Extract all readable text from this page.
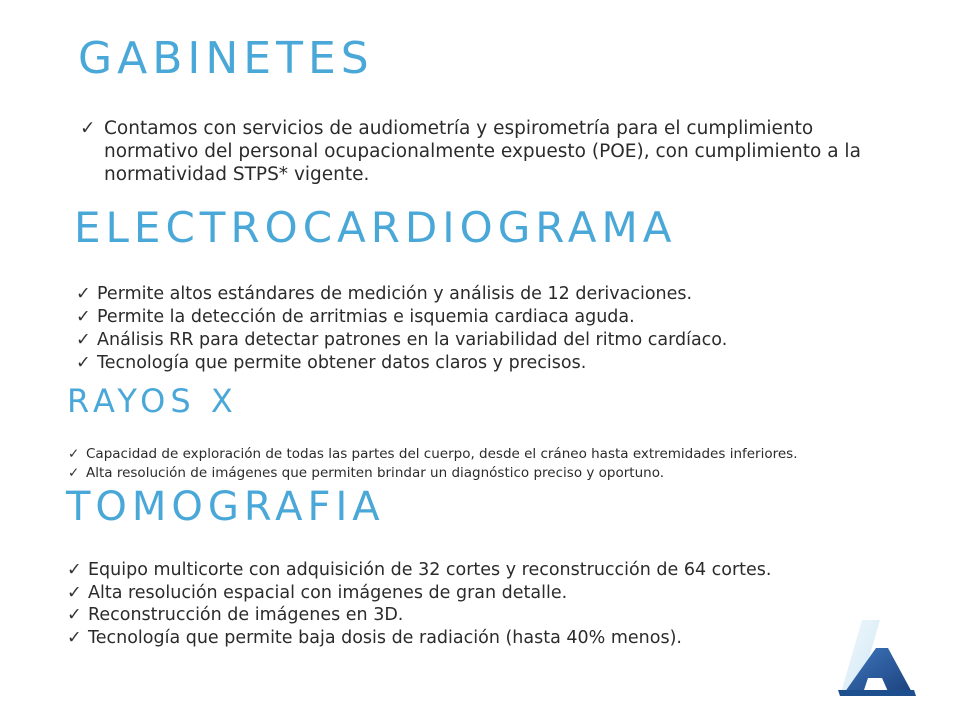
GABINETES
✓ Contamos con servicios de audiometría y espirometría para el cumplimiento normativo del personal ocupacionalmente expuesto (POE), con cumplimiento a la normatividad STPS* vigente.
ELECTROCARDIOGRAMA
✓ Permite altos estándares de medición y análisis de 12 derivaciones.
✓ Permite la detección de arritmias e isquemia cardiaca aguda.
✓ Análisis RR para detectar patrones en la variabilidad del ritmo cardíaco.
✓ Tecnología que permite obtener datos claros y precisos.
RAYOS X
✓ Capacidad de exploración de todas las partes del cuerpo, desde el cráneo hasta extremidades inferiores.
✓ Alta resolución de imágenes que permiten brindar un diagnóstico preciso y oportuno.
TOMOGRAFIA
✓ Equipo multicorte con adquisición de 32 cortes y reconstrucción de 64 cortes.
✓ Alta resolución espacial con imágenes de gran detalle.
✓ Reconstrucción de imágenes en 3D.
✓ Tecnología que permite baja dosis de radiación (hasta 40% menos).
